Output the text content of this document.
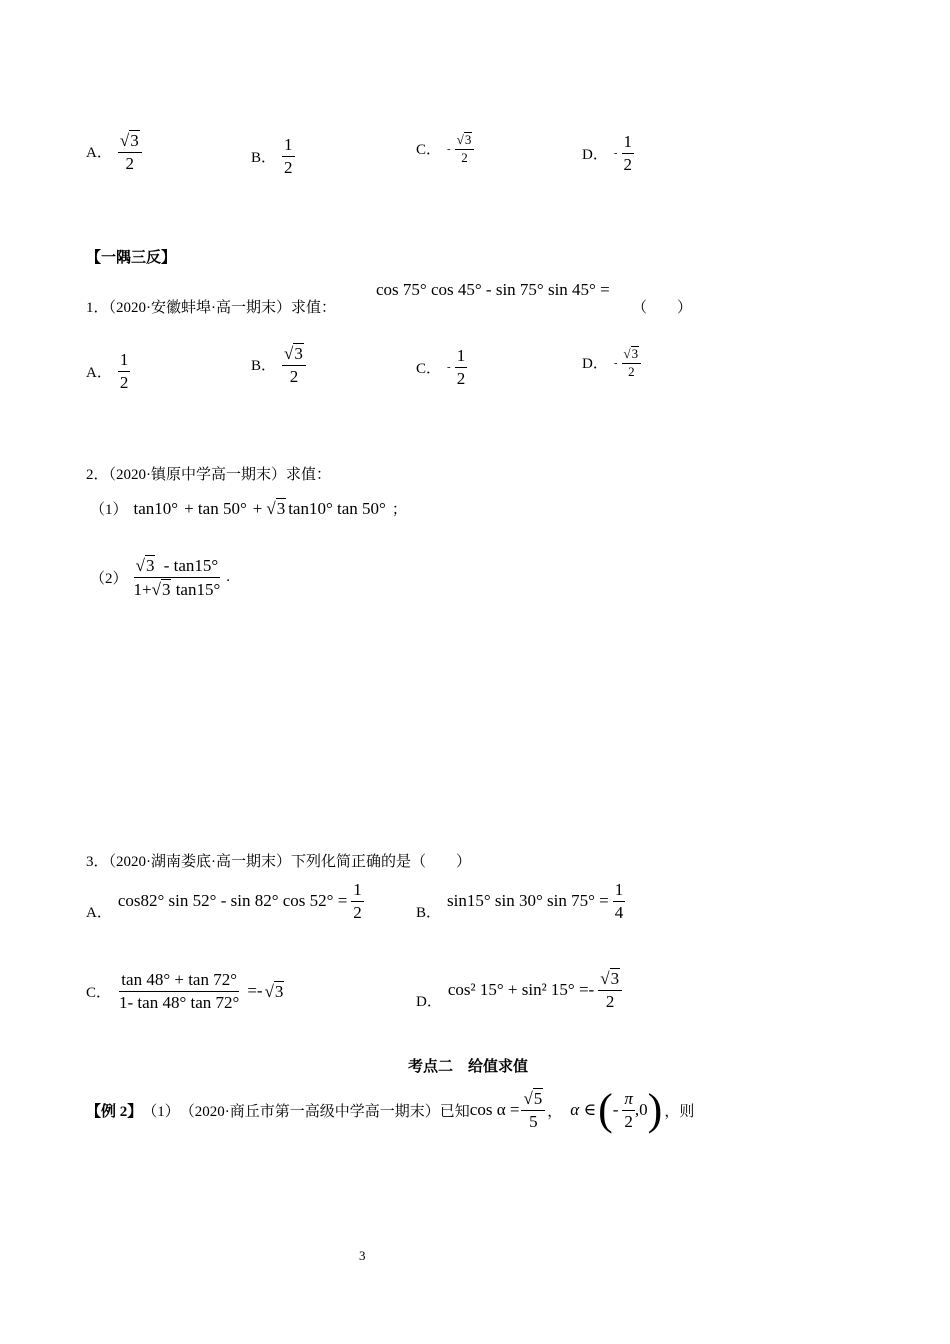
A． $\frac{√3}{2}$	B． $\frac{1}{2}$	C． - $\frac{√3}{2}$	D． - $\frac{1}{2}$
【一隅三反】
1．（2020·安徽蚌埠·高一期末）求值：
cos 75° cos 45° - sin 75° sin 45° =
（　　）
A． $\frac{1}{2}$	B． $\frac{√3}{2}$	C． - $\frac{1}{2}$	D． - $\frac{√3}{2}$
2．（2020·镇原中学高一期末）求值：
（1） tan10° + tan 50° + √3 tan10° tan 50° ；
$(2) \frac{√3 - \tan 15^\circ}{1+√3 \tan 15^\circ}$ .
3．（2020·湖南娄底·高一期末）下列化简正确的是（　　）
A．
cos82° sin 52° - sin 82° $\cos 52^\circ = \frac{1}{2}$	B．
sin15° sin 30° $\sin 75^\circ = \frac{1}{4}$
C． $\frac{\tan 48^\circ + \tan 72^\circ}{1- \tan 48^\circ \tan 72^\circ} =- √3$
D．
cos² 15° + sin² $15^\circ =- \frac{√3}{2}$
考点二　给值求值
【例 2】 （1） （2020·商丘市第一高级中学高一期末）已知 $\cos \alpha = \frac{√5}{5}$ ， α ∈ ( - $\frac{\pi}{2} ,0$ ) ，则
3
